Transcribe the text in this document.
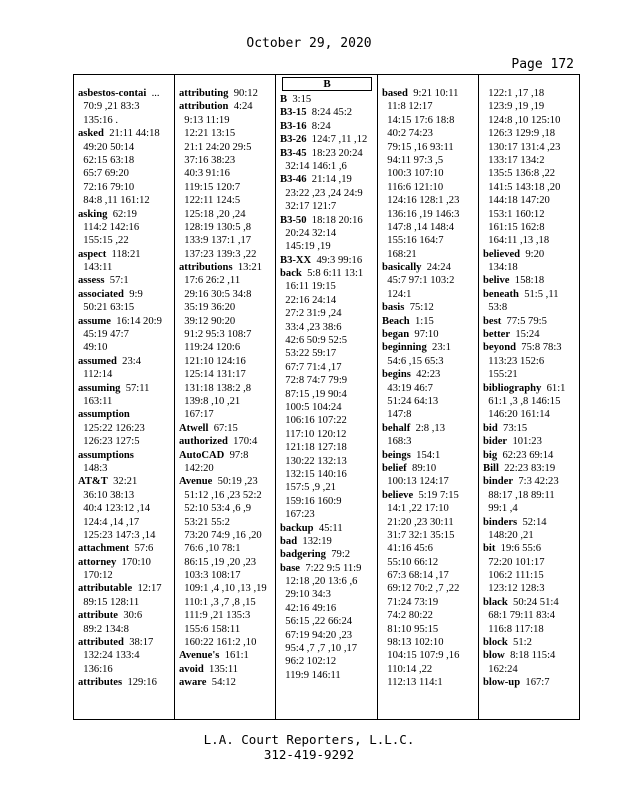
October 29, 2020
Page 172
asbestos-contai  ...
70:9 ,21 83:3
135:16 .
asked  21:11 44:18
49:20 50:14
62:15 63:18
65:7 69:20
72:16 79:10
84:8 ,11 161:12
asking  62:19
114:2 142:16
155:15 ,22
aspect  118:21
143:11
assess  57:1
associated  9:9
50:21 63:15
assume  16:14 20:9
45:19 47:7
49:10
assumed  23:4
112:14
assuming  57:11
163:11
assumption
125:22 126:23
126:23 127:5
assumptions
148:3
AT&T  32:21
36:10 38:13
40:4 123:12 ,14
124:4 ,14 ,17
125:23 147:3 ,14
attachment  57:6
attorney  170:10
170:12
attributable  12:17
89:15 128:11
attribute  30:6
89:2 134:8
attributed  38:17
132:24 133:4
136:16
attributes  129:16
attributing  90:12
attribution  4:24
9:13 11:19
12:21 13:15
21:1 24:20 29:5
37:16 38:23
40:3 91:16
119:15 120:7
122:11 124:5
125:18 ,20 ,24
128:19 130:5 ,8
133:9 137:1 ,17
137:23 139:3 ,22
attributions  13:21
17:6 26:2 ,11
29:16 30:5 34:8
35:19 36:20
39:12 90:20
91:2 95:3 108:7
119:24 120:6
121:10 124:16
125:14 131:17
131:18 138:2 ,8
139:8 ,10 ,21
167:17
Atwell  67:15
authorized  170:4
AutoCAD  97:8
142:20
Avenue  50:19 ,23
51:12 ,16 ,23 52:2
52:10 53:4 ,6 ,9
53:21 55:2
73:20 74:9 ,16 ,20
76:6 ,10 78:1
86:15 ,19 ,20 ,23
103:3 108:17
109:1 ,4 ,10 ,13 ,19
110:1 ,3 ,7 ,8 ,15
111:9 ,21 135:3
155:6 158:11
160:22 161:2 ,10
Avenue's  161:1
avoid  135:11
aware  54:12
B
B  3:15
B3-15  8:24 45:2
B3-16  8:24
B3-26  124:7 ,11 ,12
B3-45  18:23 20:24
32:14 146:1 ,6
B3-46  21:14 ,19
23:22 ,23 ,24 24:9
32:17 121:7
B3-50  18:18 20:16
20:24 32:14
145:19 ,19
B3-XX  49:3 99:16
back  5:8 6:11 13:1
16:11 19:15
22:16 24:14
27:2 31:9 ,24
33:4 ,23 38:6
42:6 50:9 52:5
53:22 59:17
67:7 71:4 ,17
72:8 74:7 79:9
87:15 ,19 90:4
100:5 104:24
106:16 107:22
117:10 120:12
121:18 127:18
130:22 132:13
132:15 140:16
157:5 ,9 ,21
159:16 160:9
167:23
backup  45:11
bad  132:19
badgering  79:2
base  7:22 9:5 11:9
12:18 ,20 13:6 ,6
29:10 34:3
42:16 49:16
56:15 ,22 66:24
67:19 94:20 ,23
95:4 ,7 ,7 ,10 ,17
96:2 102:12
119:9 146:11
based  9:21 10:11
11:8 12:17
14:15 17:6 18:8
40:2 74:23
79:15 ,16 93:11
94:11 97:3 ,5
100:3 107:10
116:6 121:10
124:16 128:1 ,23
136:16 ,19 146:3
147:8 ,14 148:4
155:16 164:7
168:21
basically  24:24
45:7 97:1 103:2
124:1
basis  75:12
Beach  1:15
began  97:10
beginning  23:1
54:6 ,15 65:3
begins  42:23
43:19 46:7
51:24 64:13
147:8
behalf  2:8 ,13
168:3
beings  154:1
belief  89:10
100:13 124:17
believe  5:19 7:15
14:1 ,22 17:10
21:20 ,23 30:11
31:7 32:1 35:15
41:16 45:6
55:10 66:12
67:3 68:14 ,17
69:12 70:2 ,7 ,22
71:24 73:19
74:2 80:22
81:10 95:15
98:13 102:10
104:15 107:9 ,16
110:14 ,22
112:13 114:1
122:1 ,17 ,18
123:9 ,19 ,19
124:8 ,10 125:10
126:3 129:9 ,18
130:17 131:4 ,23
133:17 134:2
135:5 136:8 ,22
141:5 143:18 ,20
144:18 147:20
153:1 160:12
161:15 162:8
164:11 ,13 ,18
believed  9:20
134:18
belive  158:18
beneath  51:5 ,11
53:8
best  77:5 79:5
better  15:24
beyond  75:8 78:3
113:23 152:6
155:21
bibliography  61:1
61:1 ,3 ,8 146:15
146:20 161:14
bid  73:15
bider  101:23
big  62:23 69:14
Bill  22:23 83:19
binder  7:3 42:23
88:17 ,18 89:11
99:1 ,4
binders  52:14
148:20 ,21
bit  19:6 55:6
72:20 101:17
106:2 111:15
123:12 128:3
black  50:24 51:4
68:1 79:11 83:4
116:8 117:18
block  51:2
blow  8:18 115:4
162:24
blow-up  167:7
L.A. Court Reporters, L.L.C.
312-419-9292
